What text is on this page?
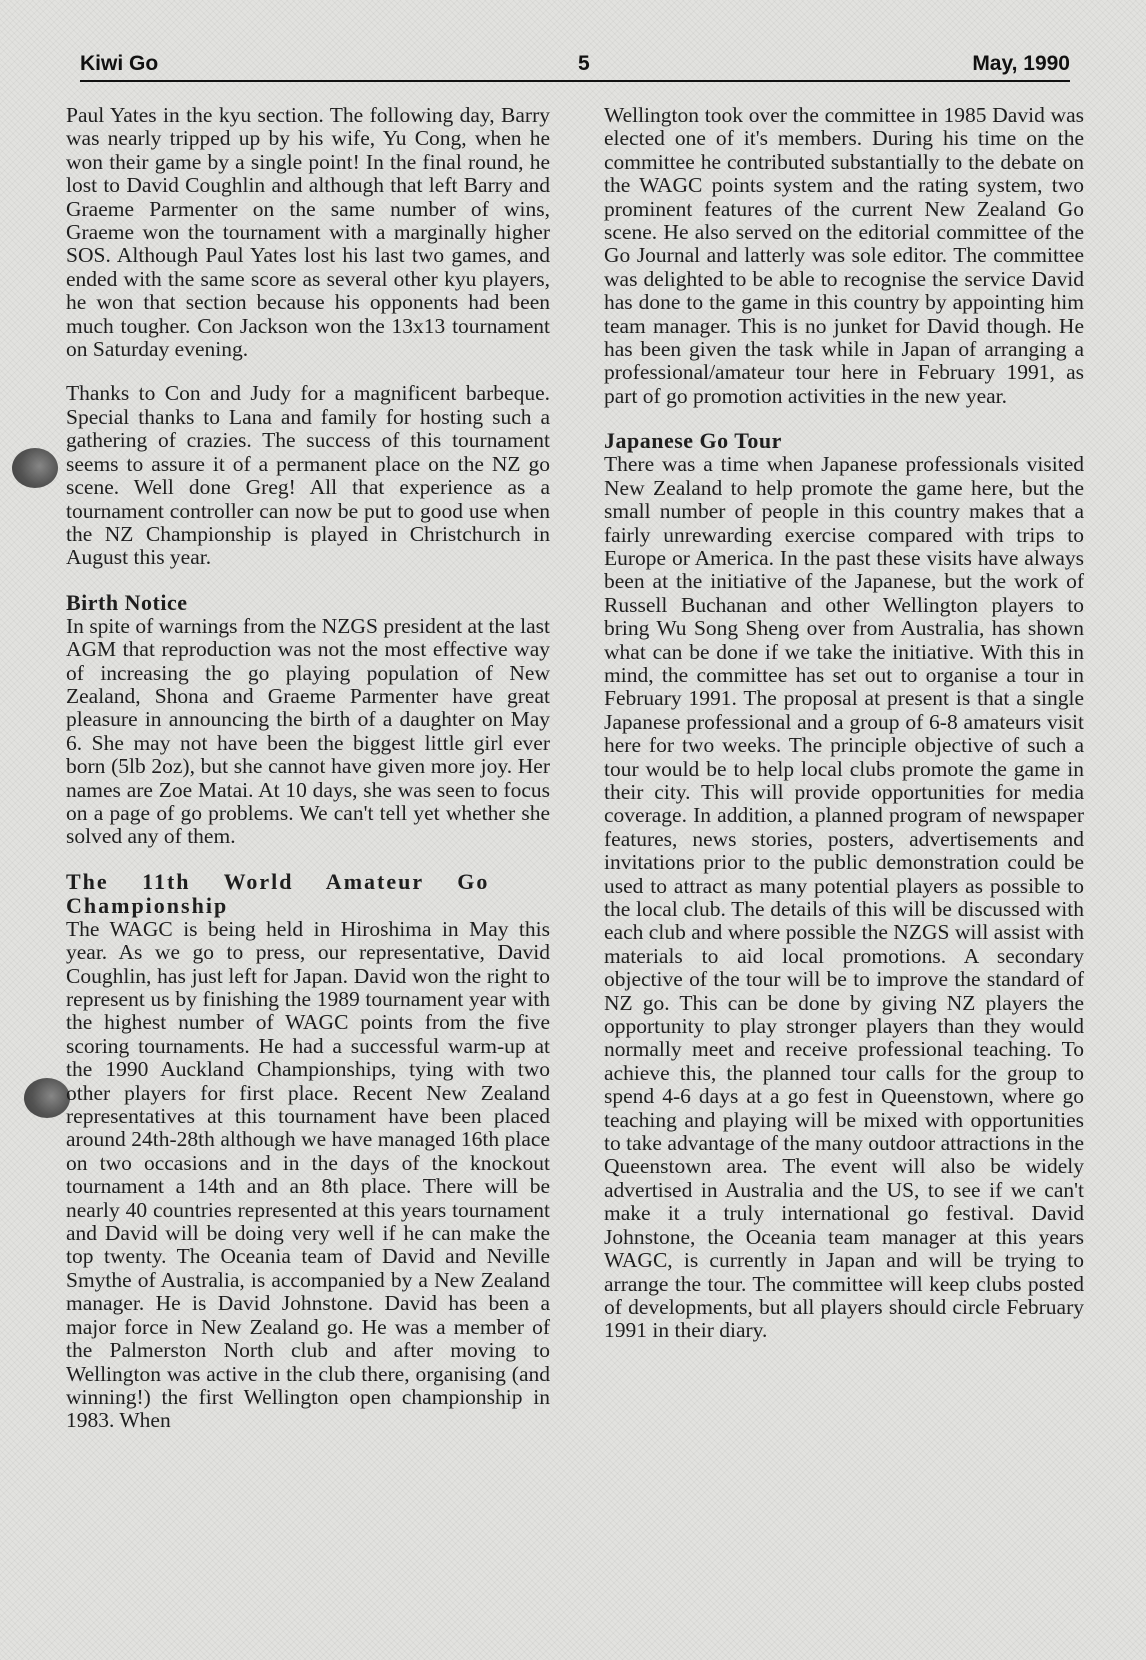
Kiwi Go	5	May, 1990

Paul Yates in the kyu section. The following day, Barry was nearly tripped up by his wife, Yu Cong, when he won their game by a single point! In the final round, he lost to David Coughlin and although that left Barry and Graeme Parmenter on the same number of wins, Graeme won the tournament with a marginally higher SOS. Although Paul Yates lost his last two games, and ended with the same score as several other kyu players, he won that section because his opponents had been much tougher. Con Jackson won the 13x13 tournament on Saturday evening.

Thanks to Con and Judy for a magnificent barbeque. Special thanks to Lana and family for hosting such a gathering of crazies. The success of this tournament seems to assure it of a permanent place on the NZ go scene. Well done Greg! All that experience as a tournament controller can now be put to good use when the NZ Championship is played in Christchurch in August this year.

Birth Notice

In spite of warnings from the NZGS president at the last AGM that reproduction was not the most effective way of increasing the go playing population of New Zealand, Shona and Graeme Parmenter have great pleasure in announcing the birth of a daughter on May 6. She may not have been the biggest little girl ever born (5lb 2oz), but she cannot have given more joy. Her names are Zoe Matai. At 10 days, she was seen to focus on a page of go problems. We can't tell yet whether she solved any of them.

The 11th World Amateur Go Championship

The WAGC is being held in Hiroshima in May this year. As we go to press, our representative, David Coughlin, has just left for Japan. David won the right to represent us by finishing the 1989 tournament year with the highest number of WAGC points from the five scoring tournaments. He had a successful warm-up at the 1990 Auckland Championships, tying with two other players for first place. Recent New Zealand representatives at this tournament have been placed around 24th-28th although we have managed 16th place on two occasions and in the days of the knockout tournament a 14th and an 8th place. There will be nearly 40 countries represented at this years tournament and David will be doing very well if he can make the top twenty. The Oceania team of David and Neville Smythe of Australia, is accompanied by a New Zealand manager. He is David Johnstone. David has been a major force in New Zealand go. He was a member of the Palmerston North club and after moving to Wellington was active in the club there, organising (and winning!) the first Wellington open championship in 1983. When

Wellington took over the committee in 1985 David was elected one of it's members. During his time on the committee he contributed substantially to the debate on the WAGC points system and the rating system, two prominent features of the current New Zealand Go scene. He also served on the editorial committee of the Go Journal and latterly was sole editor. The committee was delighted to be able to recognise the service David has done to the game in this country by appointing him team manager. This is no junket for David though. He has been given the task while in Japan of arranging a professional/amateur tour here in February 1991, as part of go promotion activities in the new year.

Japanese Go Tour

There was a time when Japanese professionals visited New Zealand to help promote the game here, but the small number of people in this country makes that a fairly unrewarding exercise compared with trips to Europe or America. In the past these visits have always been at the initiative of the Japanese, but the work of Russell Buchanan and other Wellington players to bring Wu Song Sheng over from Australia, has shown what can be done if we take the initiative. With this in mind, the committee has set out to organise a tour in February 1991. The proposal at present is that a single Japanese professional and a group of 6-8 amateurs visit here for two weeks. The principle objective of such a tour would be to help local clubs promote the game in their city. This will provide opportunities for media coverage. In addition, a planned program of newspaper features, news stories, posters, advertisements and invitations prior to the public demonstration could be used to attract as many potential players as possible to the local club. The details of this will be discussed with each club and where possible the NZGS will assist with materials to aid local promotions. A secondary objective of the tour will be to improve the standard of NZ go. This can be done by giving NZ players the opportunity to play stronger players than they would normally meet and receive professional teaching. To achieve this, the planned tour calls for the group to spend 4-6 days at a go fest in Queenstown, where go teaching and playing will be mixed with opportunities to take advantage of the many outdoor attractions in the Queenstown area. The event will also be widely advertised in Australia and the US, to see if we can't make it a truly international go festival. David Johnstone, the Oceania team manager at this years WAGC, is currently in Japan and will be trying to arrange the tour. The committee will keep clubs posted of developments, but all players should circle February 1991 in their diary.
